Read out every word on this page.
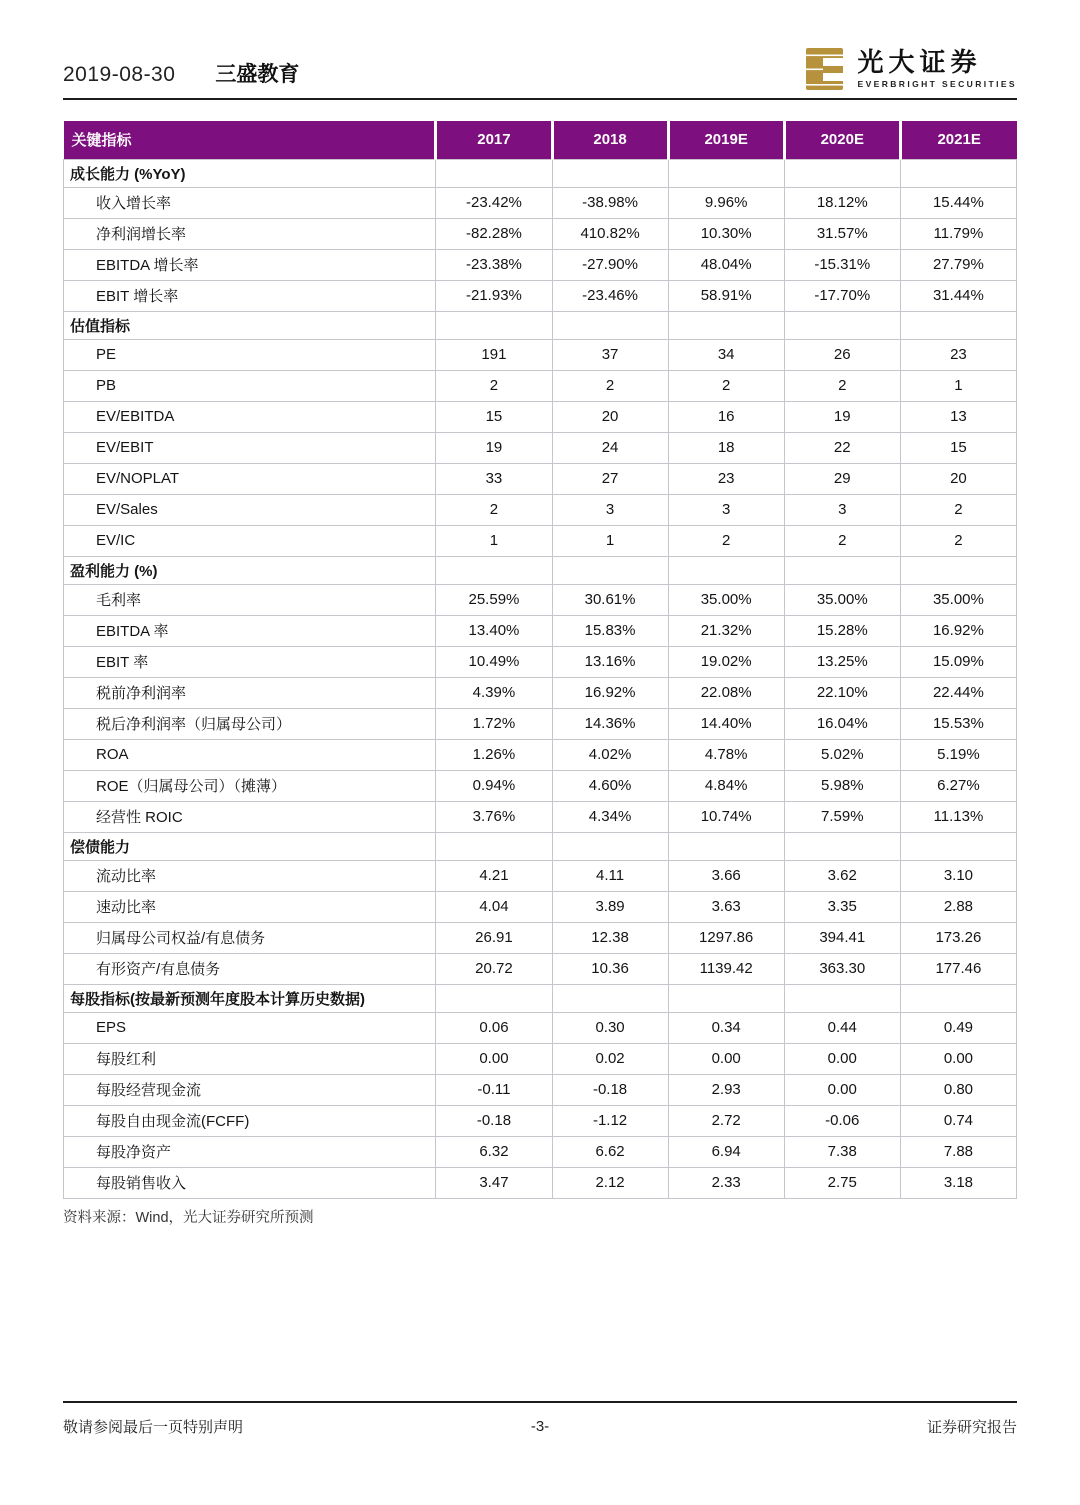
2019-08-30 三盛教育	光大证券
EVERBRIGHT SECURITIES
关键指标	2017	2018	2019E	2020E	2021E
成长能力 (%YoY)					
收入增长率	-23.42%	-38.98%	9.96%	18.12%	15.44%
净利润增长率	-82.28%	410.82%	10.30%	31.57%	11.79%
EBITDA 增长率	-23.38%	-27.90%	48.04%	-15.31%	27.79%
EBIT 增长率	-21.93%	-23.46%	58.91%	-17.70%	31.44%
估值指标					
PE	191	37	34	26	23
PB	2	2	2	2	1
EV/EBITDA	15	20	16	19	13
EV/EBIT	19	24	18	22	15
EV/NOPLAT	33	27	23	29	20
EV/Sales	2	3	3	3	2
EV/IC	1	1	2	2	2
盈利能力 (%)					
毛利率	25.59%	30.61%	35.00%	35.00%	35.00%
EBITDA 率	13.40%	15.83%	21.32%	15.28%	16.92%
EBIT 率	10.49%	13.16%	19.02%	13.25%	15.09%
税前净利润率	4.39%	16.92%	22.08%	22.10%	22.44%
税后净利润率（归属母公司）	1.72%	14.36%	14.40%	16.04%	15.53%
ROA	1.26%	4.02%	4.78%	5.02%	5.19%
ROE（归属母公司）（摊薄）	0.94%	4.60%	4.84%	5.98%	6.27%
经营性 ROIC	3.76%	4.34%	10.74%	7.59%	11.13%
偿债能力					
流动比率	4.21	4.11	3.66	3.62	3.10
速动比率	4.04	3.89	3.63	3.35	2.88
归属母公司权益/有息债务	26.91	12.38	1297.86	394.41	173.26
有形资产/有息债务	20.72	10.36	1139.42	363.30	177.46
每股指标(按最新预测年度股本计算历史数据)					
EPS	0.06	0.30	0.34	0.44	0.49
每股红利	0.00	0.02	0.00	0.00	0.00
每股经营现金流	-0.11	-0.18	2.93	0.00	0.80
每股自由现金流(FCFF)	-0.18	-1.12	2.72	-0.06	0.74
每股净资产	6.32	6.62	6.94	7.38	7.88
每股销售收入	3.47	2.12	2.33	2.75	3.18
资料来源：Wind，光大证券研究所预测
敬请参阅最后一页特别声明	-3-	证券研究报告
